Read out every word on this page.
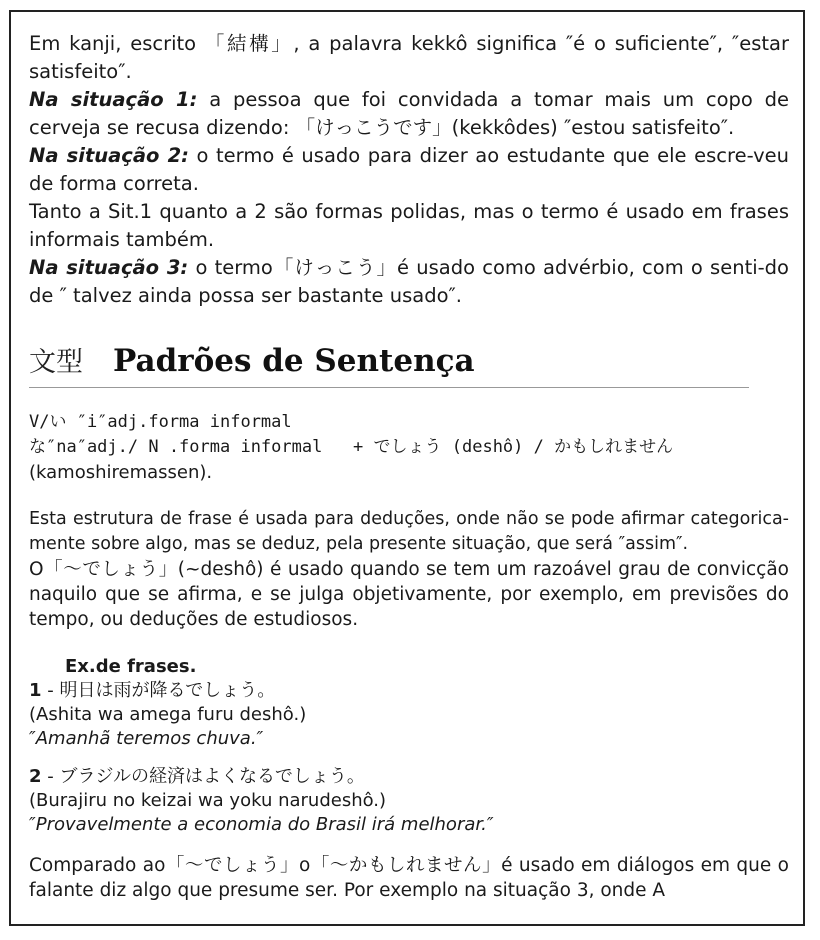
Em kanji, escrito 「結構」, a palavra kekkô significa ″é o suficiente″, ″estar satisfeito″.

Na situação 1: a pessoa que foi convidada a tomar mais um copo de cerveja se recusa dizendo: 「けっこうです」(kekkôdes) ″estou satisfeito″.

Na situação 2: o termo é usado para dizer ao estudante que ele escre-veu de forma correta.

Tanto a Sit.1 quanto a 2 são formas polidas, mas o termo é usado em frases informais também.

Na situação 3: o termo「けっこう」é usado como advérbio, com o senti-do de ″ talvez ainda possa ser bastante usado″.

文型 Padrões de Sentença
V/い ″i″adj.forma informal
な″na″adj./ N .forma informal   + でしょう (deshô) / かもしれません
(kamoshiremassen).

Esta estrutura de frase é usada para deduções, onde não se pode afirmar categorica-mente sobre algo, mas se deduz, pela presente situação, que será ″assim″.

O「～でしょう」(~deshô) é usado quando se tem um razoável grau de convicção naquilo que se afirma, e se julga objetivamente, por exemplo, em previsões do tempo, ou deduções de estudiosos.

Ex.de frases.
1 - 明日は雨が降るでしょう。
(Ashita wa amega furu deshô.)
″Amanhã teremos chuva.″
2 - ブラジルの経済はよくなるでしょう。
(Burajiru no keizai wa yoku narudeshô.)
″Provavelmente a economia do Brasil irá melhorar.″

Comparado ao「～でしょう」o「～かもしれません」é usado em diálogos em que o falante diz algo que presume ser. Por exemplo na situação 3, onde A
